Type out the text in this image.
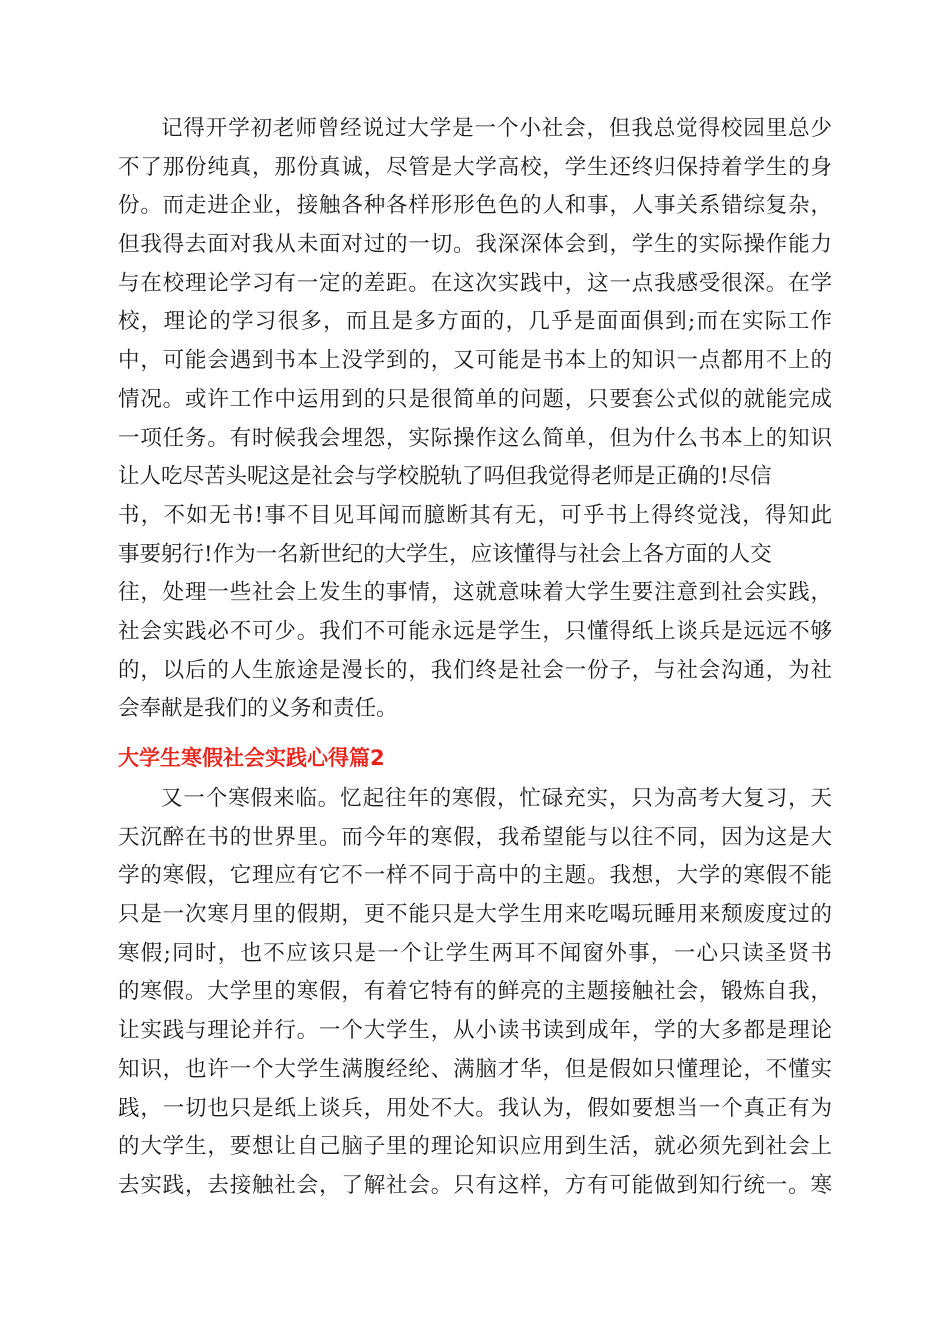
记得开学初老师曾经说过大学是一个小社会，但我总觉得校园里总少
不了那份纯真，那份真诚，尽管是大学高校，学生还终归保持着学生的身
份。而走进企业，接触各种各样形形色色的人和事，人事关系错综复杂，
但我得去面对我从未面对过的一切。我深深体会到，学生的实际操作能力
与在校理论学习有一定的差距。在这次实践中，这一点我感受很深。在学
校，理论的学习很多，而且是多方面的，几乎是面面俱到;而在实际工作
中，可能会遇到书本上没学到的，又可能是书本上的知识一点都用不上的
情况。或许工作中运用到的只是很简单的问题，只要套公式似的就能完成
一项任务。有时候我会埋怨，实际操作这么简单，但为什么书本上的知识
让人吃尽苦头呢这是社会与学校脱轨了吗但我觉得老师是正确的!尽信
书，不如无书!事不目见耳闻而臆断其有无，可乎书上得终觉浅，得知此
事要躬行!作为一名新世纪的大学生，应该懂得与社会上各方面的人交
往，处理一些社会上发生的事情，这就意味着大学生要注意到社会实践，
社会实践必不可少。我们不可能永远是学生，只懂得纸上谈兵是远远不够
的，以后的人生旅途是漫长的，我们终是社会一份子，与社会沟通，为社
会奉献是我们的义务和责任。
大学生寒假社会实践心得篇2
又一个寒假来临。忆起往年的寒假，忙碌充实，只为高考大复习，天
天沉醉在书的世界里。而今年的寒假，我希望能与以往不同，因为这是大
学的寒假，它理应有它不一样不同于高中的主题。我想，大学的寒假不能
只是一次寒月里的假期，更不能只是大学生用来吃喝玩睡用来颓废度过的
寒假;同时，也不应该只是一个让学生两耳不闻窗外事，一心只读圣贤书
的寒假。大学里的寒假，有着它特有的鲜亮的主题接触社会，锻炼自我，
让实践与理论并行。一个大学生，从小读书读到成年，学的大多都是理论
知识，也许一个大学生满腹经纶、满脑才华，但是假如只懂理论，不懂实
践，一切也只是纸上谈兵，用处不大。我认为，假如要想当一个真正有为
的大学生，要想让自己脑子里的理论知识应用到生活，就必须先到社会上
去实践，去接触社会，了解社会。只有这样，方有可能做到知行统一。寒
